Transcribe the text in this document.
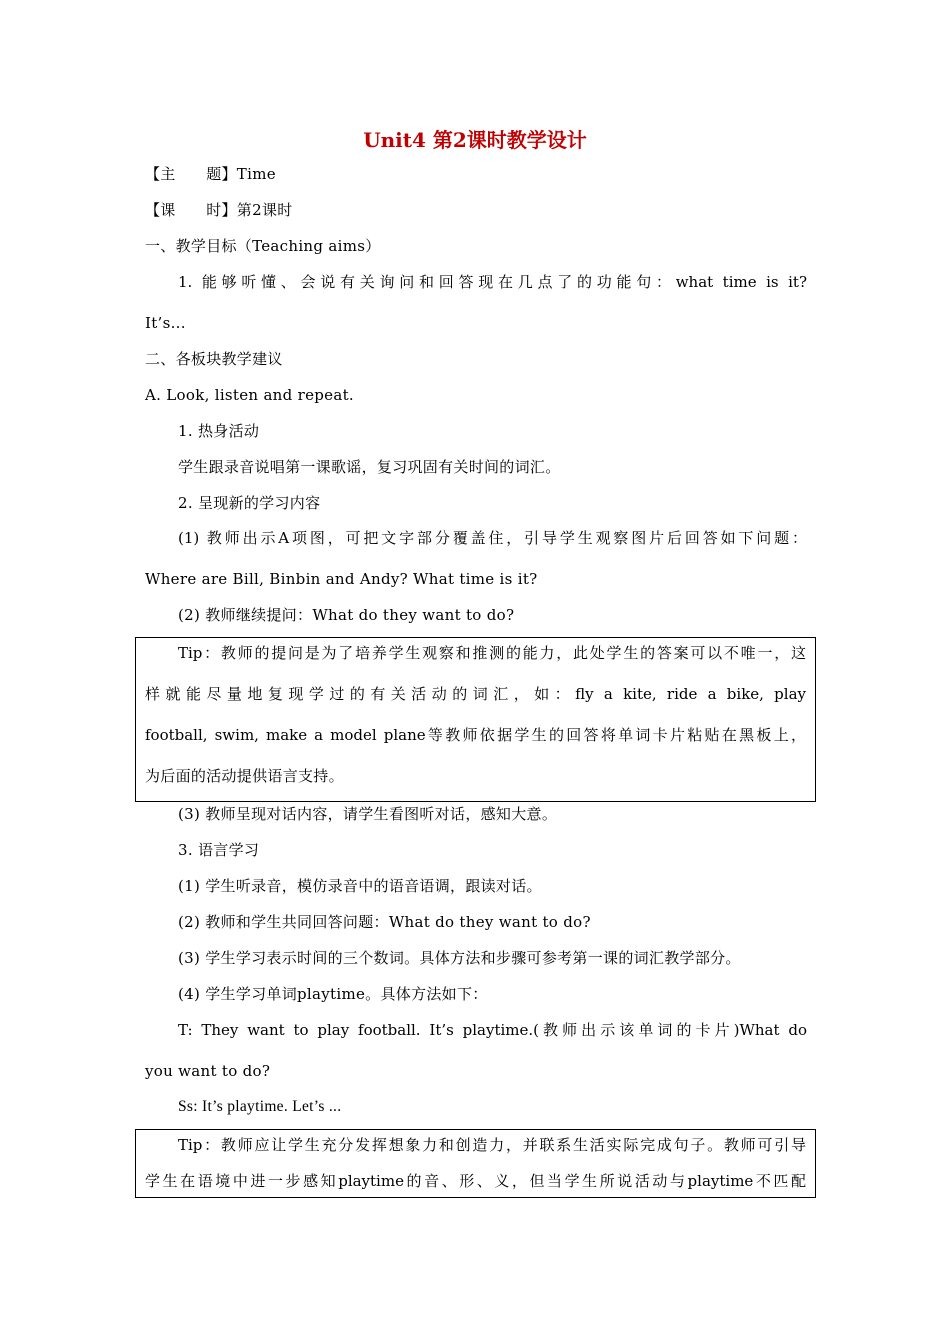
Unit4 第2课时教学设计
【主　　题】Time
【课　　时】第2课时
一、教学目标（Teaching aims）
1. 能够听懂、会说有关询问和回答现在几点了的功能句：what time is it?
It’s...
二、各板块教学建议
A. Look, listen and repeat.
1. 热身活动
学生跟录音说唱第一课歌谣，复习巩固有关时间的词汇。
2. 呈现新的学习内容
(1) 教师出示A项图，可把文字部分覆盖住，引导学生观察图片后回答如下问题：
Where are Bill, Binbin and Andy? What time is it?
(2) 教师继续提问：What do they want to do?
Tip：教师的提问是为了培养学生观察和推测的能力，此处学生的答案可以不唯一，这
样就能尽量地复现学过的有关活动的词汇，如：fly a kite, ride a bike, play
football, swim, make a model plane等教师依据学生的回答将单词卡片粘贴在黑板上，
为后面的活动提供语言支持。
(3) 教师呈现对话内容，请学生看图听对话，感知大意。
3. 语言学习
(1) 学生听录音，模仿录音中的语音语调，跟读对话。
(2) 教师和学生共同回答问题：What do they want to do?
(3) 学生学习表示时间的三个数词。具体方法和步骤可参考第一课的词汇教学部分。
(4) 学生学习单词playtime。具体方法如下：
T: They want to play football. It’s playtime.(教师出示该单词的卡片)What do
you want to do?
Ss: It’s playtime. Let’s ...
Tip：教师应让学生充分发挥想象力和创造力，并联系生活实际完成句子。教师可引导
学生在语境中进一步感知playtime的音、形、义，但当学生所说活动与playtime不匹配
